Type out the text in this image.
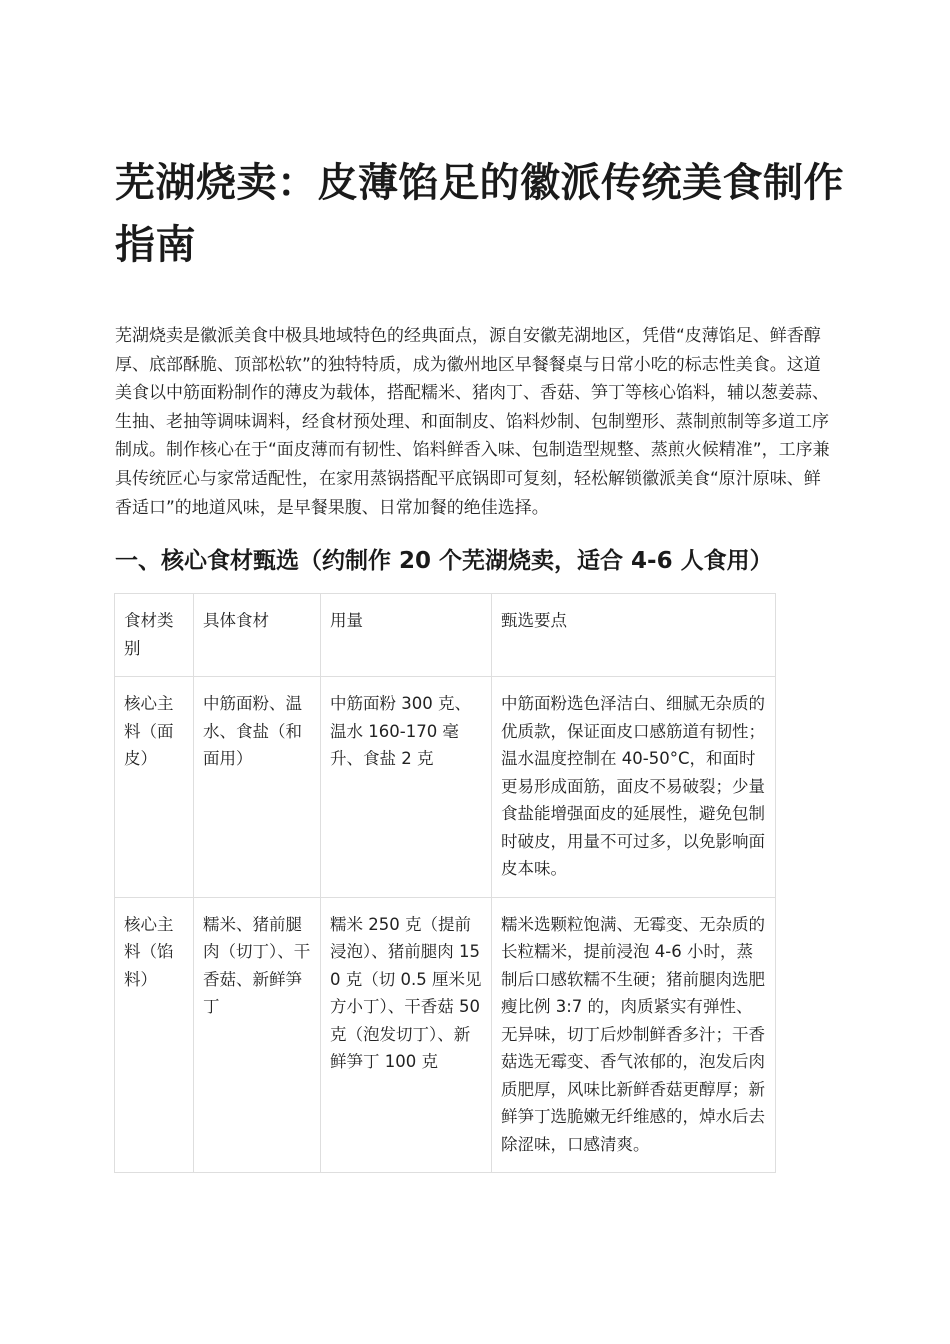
芜湖烧卖：皮薄馅足的徽派传统美食制作指南

芜湖烧卖是徽派美食中极具地域特色的经典面点，源自安徽芜湖地区，凭借“皮薄馅足、鲜香醇厚、底部酥脆、顶部松软”的独特特质，成为徽州地区早餐餐桌与日常小吃的标志性美食。这道美食以中筋面粉制作的薄皮为载体，搭配糯米、猪肉丁、香菇、笋丁等核心馅料，辅以葱姜蒜、生抽、老抽等调味调料，经食材预处理、和面制皮、馅料炒制、包制塑形、蒸制煎制等多道工序制成。制作核心在于“面皮薄而有韧性、馅料鲜香入味、包制造型规整、蒸煎火候精准”，工序兼具传统匠心与家常适配性，在家用蒸锅搭配平底锅即可复刻，轻松解锁徽派美食“原汁原味、鲜香适口”的地道风味，是早餐果腹、日常加餐的绝佳选择。

一、核心食材甄选（约制作 20 个芜湖烧卖，适合 4-6 人食用）
食材类别	具体食材	用量	甄选要点
核心主料（面皮）	中筋面粉、温水、食盐（和面用）	中筋面粉 300 克、温水 160-170 毫升、食盐 2 克	中筋面粉选色泽洁白、细腻无杂质的优质款，保证面皮口感筋道有韧性；温水温度控制在 40-50°C，和面时更易形成面筋，面皮不易破裂；少量食盐能增强面皮的延展性，避免包制时破皮，用量不可过多，以免影响面皮本味。
核心主料（馅料）	糯米、猪前腿肉（切丁）、干香菇、新鲜笋丁	糯米 250 克（提前浸泡）、猪前腿肉 150 克（切 0.5 厘米见方小丁）、干香菇 50 克（泡发切丁）、新鲜笋丁 100 克	糯米选颗粒饱满、无霉变、无杂质的长粒糯米，提前浸泡 4-6 小时，蒸制后口感软糯不生硬；猪前腿肉选肥瘦比例 3:7 的，肉质紧实有弹性、无异味，切丁后炒制鲜香多汁；干香菇选无霉变、香气浓郁的，泡发后肉质肥厚，风味比新鲜香菇更醇厚；新鲜笋丁选脆嫩无纤维感的，焯水后去除涩味，口感清爽。
